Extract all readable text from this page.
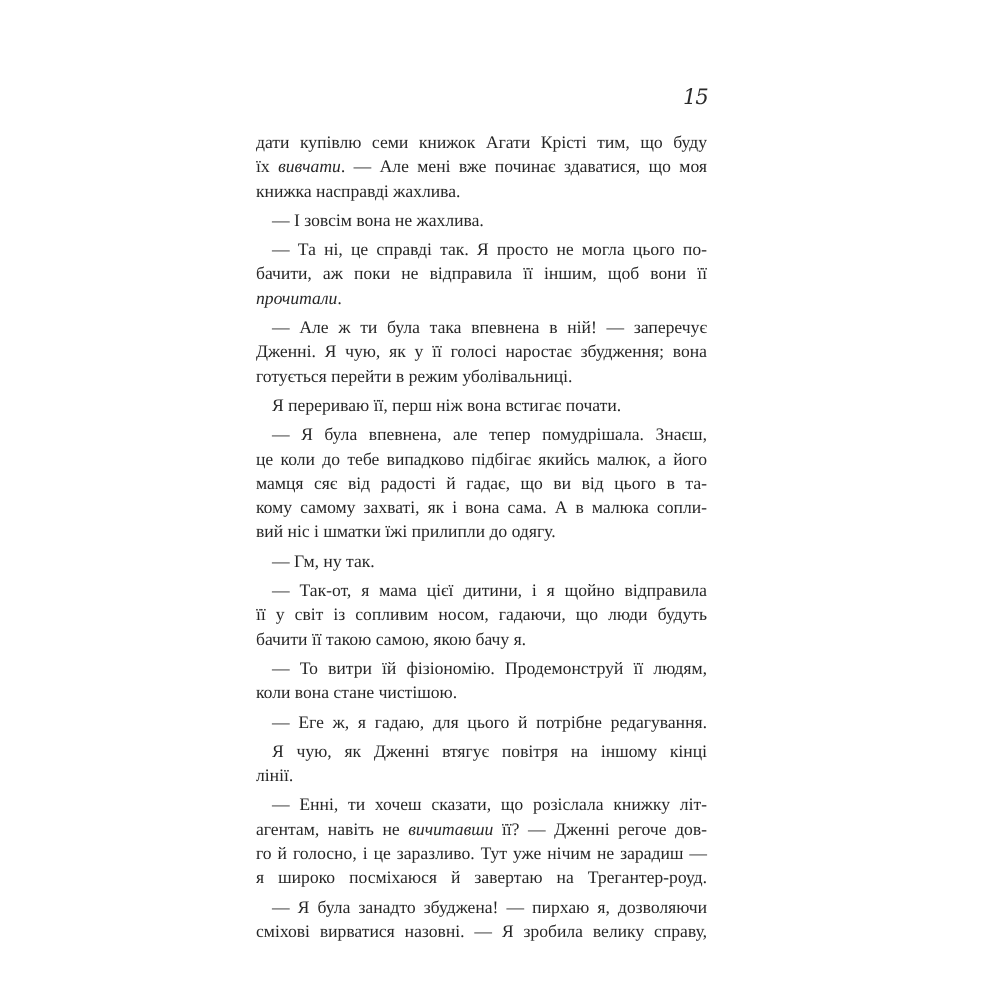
15
дати купівлю семи книжок Агати Крісті тим, що буду
їх вивчати. — Але мені вже починає здаватися, що моя
книжка насправді жахлива.
— І зовсім вона не жахлива.
— Та ні, це справді так. Я просто не могла цього по-
бачити, аж поки не відправила її іншим, щоб вони її
прочитали.
— Але ж ти була така впевнена в ній! — заперечує
Дженні. Я чую, як у її голосі наростає збудження; вона
готується перейти в режим уболівальниці.
Я перериваю її, перш ніж вона встигає почати.
— Я була впевнена, але тепер помудрішала. Знаєш,
це коли до тебе випадково підбігає якийсь малюк, а його
мамця сяє від радості й гадає, що ви від цього в та-
кому самому захваті, як і вона сама. А в малюка сопли-
вий ніс і шматки їжі прилипли до одягу.
— Гм, ну так.
— Так-от, я мама цієї дитини, і я щойно відправила
її у світ із сопливим носом, гадаючи, що люди будуть
бачити її такою самою, якою бачу я.
— То витри їй фізіономію. Продемонструй її людям,
коли вона стане чистішою.
— Еге ж, я гадаю, для цього й потрібне редагування.
Я чую, як Дженні втягує повітря на іншому кінці
лінії.
— Енні, ти хочеш сказати, що розіслала книжку літ-
агентам, навіть не вичитавши її? — Дженні регоче дов-
го й голосно, і це заразливо. Тут уже нічим не зарадиш —
я широко посміхаюся й завертаю на Трегантер-роуд.
— Я була занадто збуджена! — пирхаю я, дозволяючи
сміхові вирватися назовні. — Я зробила велику справу,
